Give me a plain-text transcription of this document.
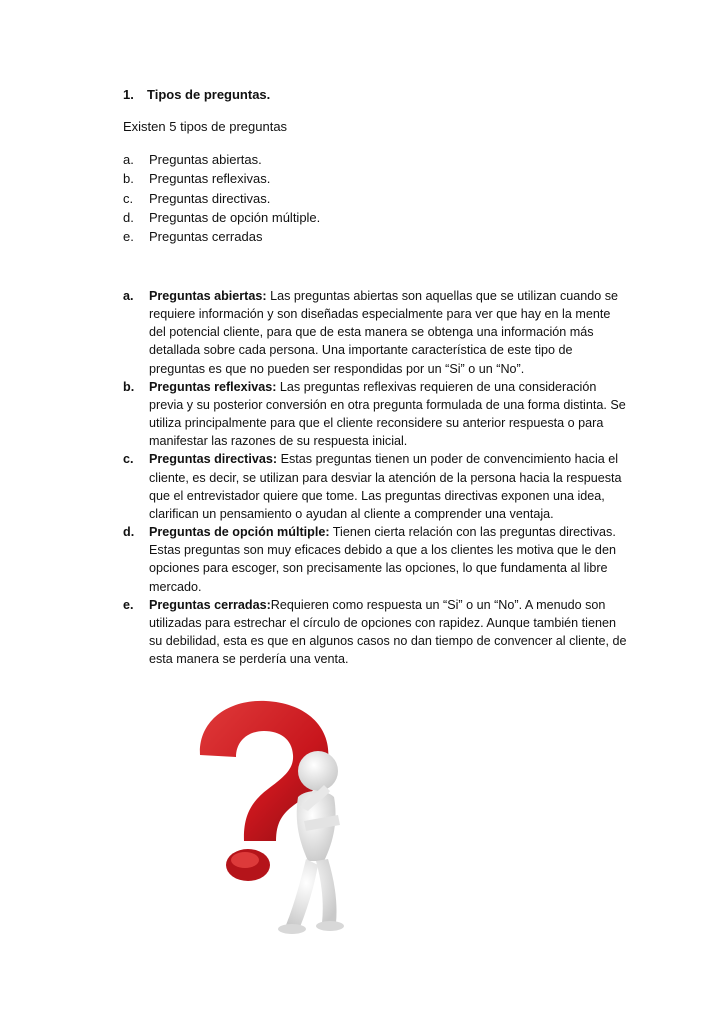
1. Tipos de preguntas.
Existen 5 tipos de preguntas
a.	Preguntas abiertas.
b.	Preguntas reflexivas.
c.	Preguntas directivas.
d.	Preguntas de opción múltiple.
e.	Preguntas cerradas
a.	Preguntas abiertas: Las preguntas abiertas son aquellas que se utilizan cuando se requiere información y son diseñadas especialmente para ver que hay en la mente del potencial cliente, para que de esta manera se obtenga una información más detallada sobre cada persona. Una importante característica de este tipo de preguntas es que no pueden ser respondidas por un “Si” o un “No”.
b.	Preguntas reflexivas: Las preguntas reflexivas requieren de una consideración previa y su posterior conversión en otra pregunta formulada de una forma distinta. Se utiliza principalmente para que el cliente reconsidere su anterior respuesta o para manifestar las razones de su respuesta inicial.
c.	Preguntas directivas: Estas preguntas tienen un poder de convencimiento hacia el cliente, es decir, se utilizan para desviar la atención de la persona hacia la respuesta que el entrevistador quiere que tome. Las preguntas directivas exponen una idea, clarifican un pensamiento o ayudan al cliente a comprender una ventaja.
d.	Preguntas de opción múltiple: Tienen cierta relación con las preguntas directivas. Estas preguntas son muy eficaces debido a que a los clientes les motiva que le den opciones para escoger, son precisamente las opciones, lo que fundamenta al libre mercado.
e.	Preguntas cerradas:Requieren como respuesta un “Si” o un “No”. A menudo son utilizadas para estrechar el círculo de opciones con rapidez. Aunque también tienen su debilidad, esta es que en algunos casos no dan tiempo de convencer al cliente, de esta manera se perdería una venta.
